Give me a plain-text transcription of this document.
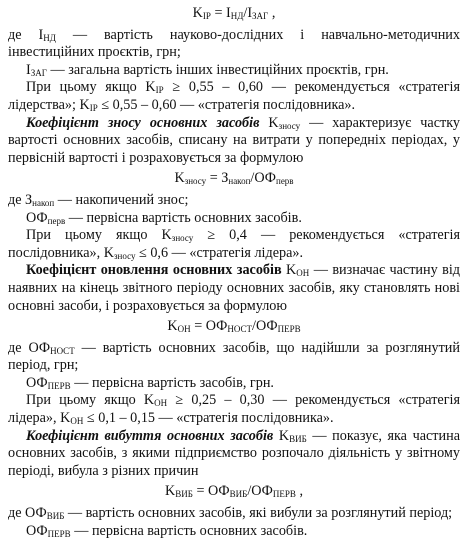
$K_{IP} = I_{НД}/I_{ЗАГ}$ ,

де $I_{НД}$ — вартість науково-дослідних і навчально-методичних інвестиційних проєктів, грн;

$I_{ЗАГ}$ — загальна вартість інших інвестиційних проєктів, грн.

При цьому якщо $K_{IP} \ge 0,55 - 0,60$ — рекомендується «стратегія лідерства»; $K_{IP} \le 0,55 - 0,60$ — «стратегія послідовника».

Коефіцієнт зносу основних засобів $K_{зносу}$ — характеризує частку вартості основних засобів, списану на витрати у попередніх періодах, у первісній вартості і розраховується за формулою

$K_{зносу} = З_{накоп}/ОФ_{перв}$

де $З_{накоп}$ — накопичений знос;

$ОФ_{перв}$ — первісна вартість основних засобів.

При цьому якщо $K_{зносу} \ge 0,4$ — рекомендується «стратегія послідовника», $K_{зносу} \le 0,6$ — «стратегія лідера».

Коефіцієнт оновлення основних засобів $K_{ОН}$ — визначає частину від наявних на кінець звітного періоду основних засобів, яку становлять нові основні засоби, і розраховується за формулою

$K_{ОН} = ОФ_{НОСТ}/ОФ_{ПЕРВ}$

де $ОФ_{НОСТ}$ — вартість основних засобів, що надійшли за розглянутий період, грн;

$ОФ_{ПЕРВ}$ — первісна вартість засобів, грн.

При цьому якщо $K_{ОН} \ge 0,25 - 0,30$ — рекомендується «стратегія лідера», $K_{ОН} \le 0,1 - 0,15$ — «стратегія послідовника».

Коефіцієнт вибуття основних засобів $K_{ВИБ}$ — показує, яка частина основних засобів, з якими підприємство розпочало діяльність у звітному періоді, вибула з різних причин

$K_{ВИБ} = ОФ_{ВИБ}/ОФ_{ПЕРВ}$ ,

де $ОФ_{ВИБ}$ — вартість основних засобів, які вибули за розглянутий період;

$ОФ_{ПЕРВ}$ — первісна вартість основних засобів.
